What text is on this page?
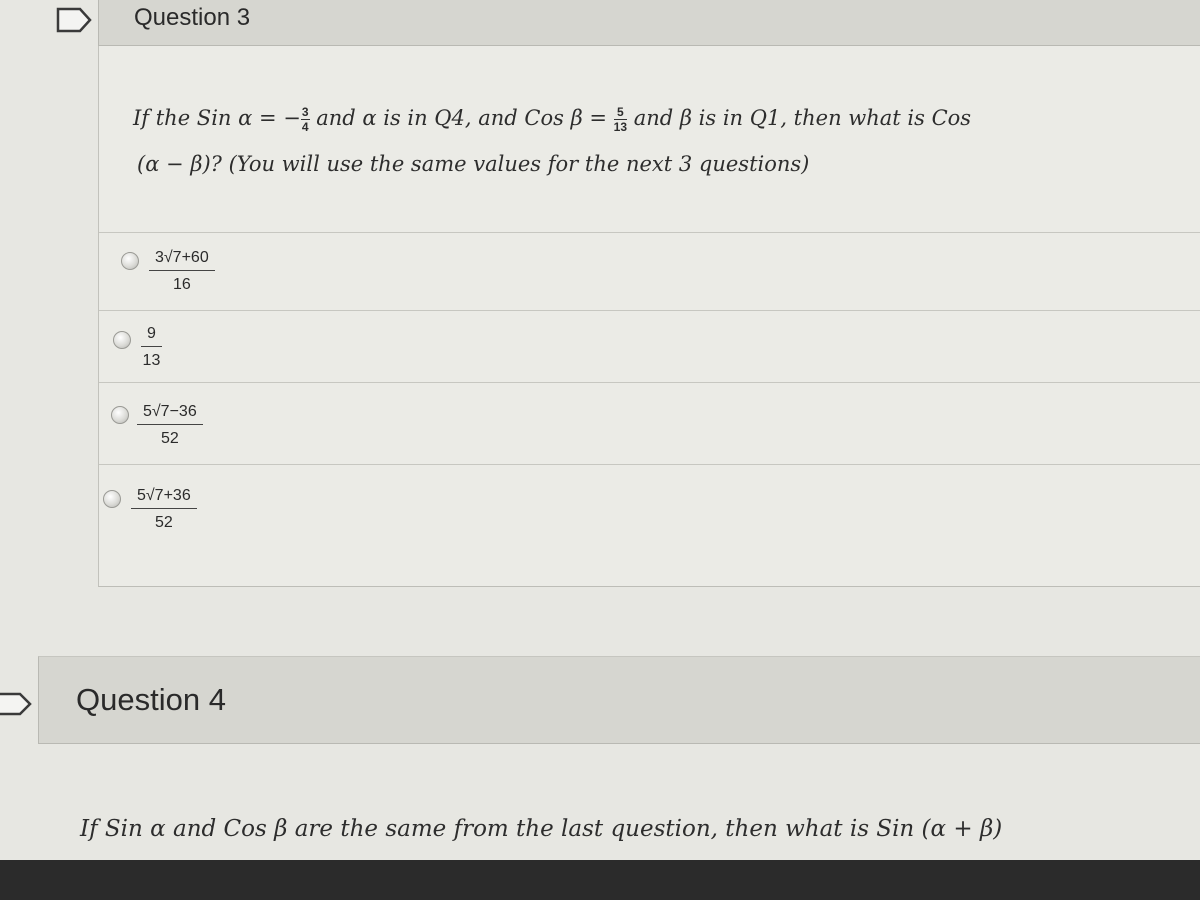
Question 3
If the Sin α = − $\frac{3}{4}$ and α is in Q4, and Cos $\beta = \frac{5}{13}$ and β is in Q1, then what is Cos
(α − β)? (You will use the same values for the next 3 questions)
$\frac{3√7+60}{16}$
$\frac{9}{13}$
$\frac{5√7-36}{52}$
$\frac{5√7+36}{52}$
Question 4
If Sin α and Cos β are the same from the last question, then what is Sin (α + β)
